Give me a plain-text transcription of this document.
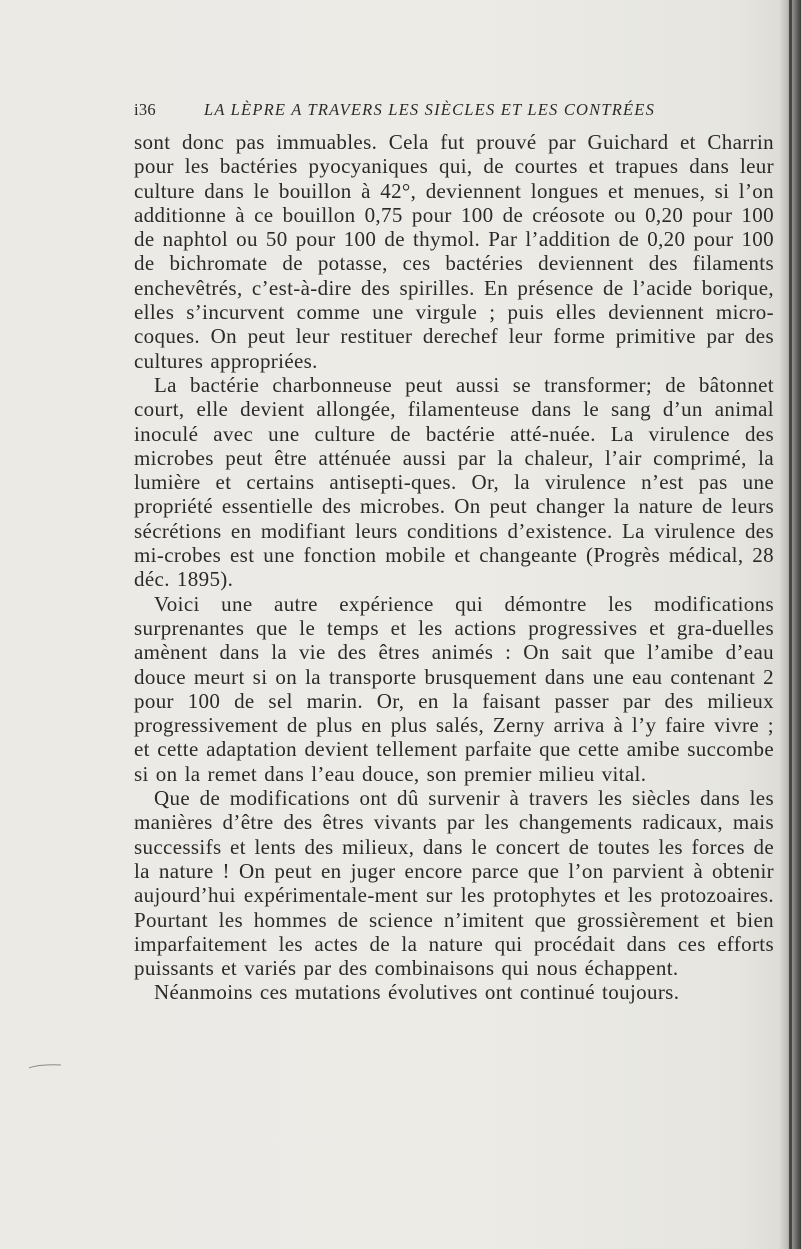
i36	LA LÈPRE A TRAVERS LES SIÈCLES ET LES CONTRÉES

sont donc pas immuables. Cela fut prouvé par Guichard et Charrin pour les bactéries pyocyaniques qui, de courtes et trapues dans leur culture dans le bouillon à 42°, deviennent longues et menues, si l’on additionne à ce bouillon 0,75 pour 100 de créosote ou 0,20 pour 100 de naphtol ou 50 pour 100 de thymol. Par l’addition de 0,20 pour 100 de bichromate de potasse, ces bactéries deviennent des filaments enchevêtrés, c’est-à-dire des spirilles. En présence de l’acide borique, elles s’incurvent comme une virgule ; puis elles deviennent micro-coques. On peut leur restituer derechef leur forme primitive par des cultures appropriées.

La bactérie charbonneuse peut aussi se transformer; de bâtonnet court, elle devient allongée, filamenteuse dans le sang d’un animal inoculé avec une culture de bactérie atté-nuée. La virulence des microbes peut être atténuée aussi par la chaleur, l’air comprimé, la lumière et certains antisepti-ques. Or, la virulence n’est pas une propriété essentielle des microbes. On peut changer la nature de leurs sécrétions en modifiant leurs conditions d’existence. La virulence des mi-crobes est une fonction mobile et changeante (Progrès médical, 28 déc. 1895).

Voici une autre expérience qui démontre les modifications surprenantes que le temps et les actions progressives et gra-duelles amènent dans la vie des êtres animés : On sait que l’amibe d’eau douce meurt si on la transporte brusquement dans une eau contenant 2 pour 100 de sel marin. Or, en la faisant passer par des milieux progressivement de plus en plus salés, Zerny arriva à l’y faire vivre ; et cette adaptation devient tellement parfaite que cette amibe succombe si on la remet dans l’eau douce, son premier milieu vital.

Que de modifications ont dû survenir à travers les siècles dans les manières d’être des êtres vivants par les changements radicaux, mais successifs et lents des milieux, dans le concert de toutes les forces de la nature ! On peut en juger encore parce que l’on parvient à obtenir aujourd’hui expérimentale-ment sur les protophytes et les protozoaires. Pourtant les hommes de science n’imitent que grossièrement et bien imparfaitement les actes de la nature qui procédait dans ces efforts puissants et variés par des combinaisons qui nous échappent.

Néanmoins ces mutations évolutives ont continué toujours.
